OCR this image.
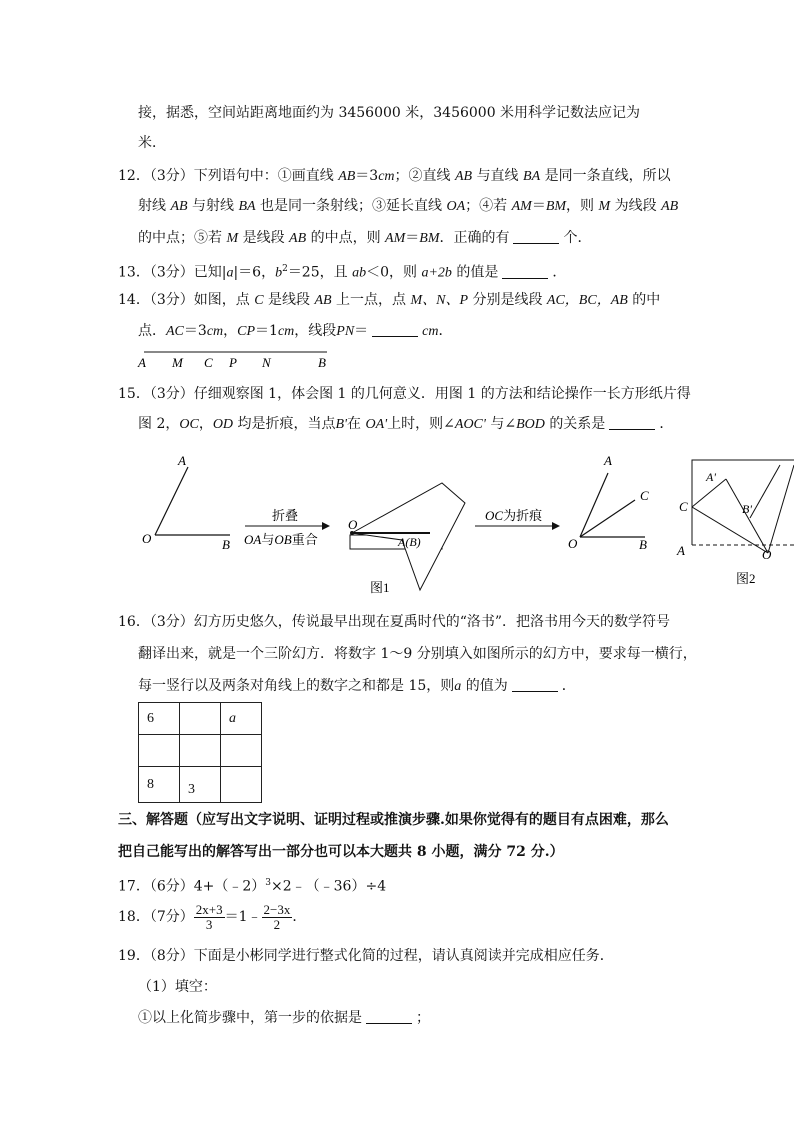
接，据悉，空间站距离地面约为 3456000 米，3456000 米用科学记数法应记为
米．
12．（3分）下列语句中：①画直线 AB＝3cm；②直线 AB 与直线 BA 是同一条直线，所以
射线 AB 与射线 BA 也是同一条射线；③延长直线 OA；④若 AM＝BM，则 M 为线段 AB
的中点；⑤若 M 是线段 AB 的中点，则 AM＝BM．正确的有	个．
13．（3分）已知|a|＝6，$b^2=25$，且 ab＜0，则 a+2b 的值是	．
14．（3分）如图，点 C 是线段 AB 上一点，点 M、N、P 分别是线段 AC，BC，AB 的中
点．AC＝3cm，CP＝1cm，线段PN＝	cm．
A M C P N	B
15．（3分）仔细观察图 1，体会图 1 的几何意义．用图 1 的方法和结论操作一长方形纸片得
图 2，OC，OD 均是折痕，当点B'在 OA'上时，则∠AOC' 与∠BOD 的关系是	．
A
O	B
折叠
OA与OB重合
O
A(B)
OC为折痕
A
C
O	B
图1
A'
C	B'
A	O
图2
16．（3分）幻方历史悠久，传说最早出现在夏禹时代的“洛书”．把洛书用今天的数学符号
翻译出来，就是一个三阶幻方．将数字 1～9 分别填入如图所示的幻方中，要求每一横行，
每一竖行以及两条对角线上的数字之和都是 15，则a 的值为	．
6		a

8	3	
三、解答题（应写出文字说明、证明过程或推演步骤.如果你觉得有的题目有点困难，那么
把自己能写出的解答写出一部分也可以本大题共 8 小题，满分 72 分.）
17．（6分）4+（﹣2）$^3$×2﹣（﹣36）÷4
18．（7分） $\frac{2x+3}{3}$ ＝1﹣ $\frac{2-3x}{2}$ ．
19．（8分）下面是小彬同学进行整式化简的过程，请认真阅读并完成相应任务．
（1）填空：
①以上化简步骤中，第一步的依据是	；
